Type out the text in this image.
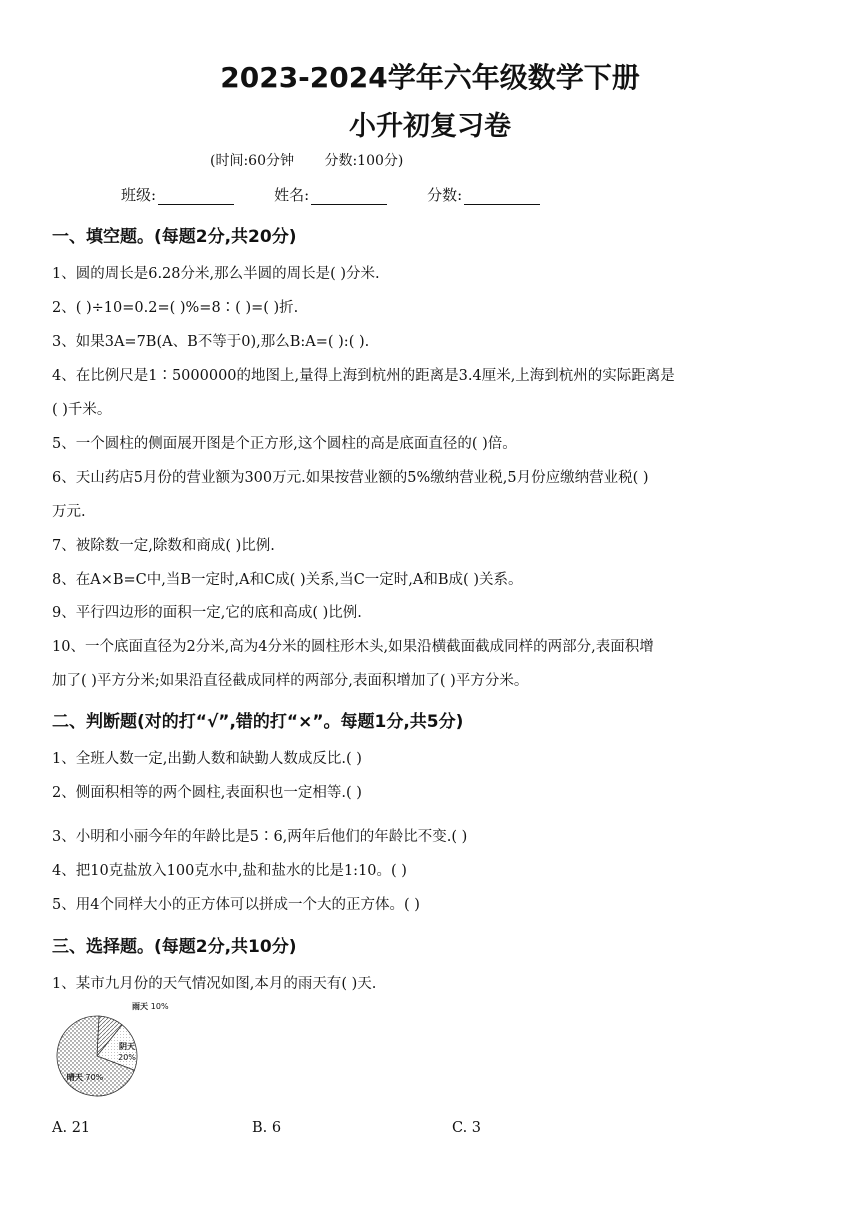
2023-2024学年六年级数学下册
小升初复习卷
(时间:60分钟 分数:100分)
班级:	姓名:	分数:
一、填空题。(每题2分,共20分)
1、圆的周长是6.28分米,那么半圆的周长是( )分米.
2、( )÷10=0.2=( )%=8∶( )=( )折.
3、如果3A=7B(A、B不等于0),那么B:A=( ):( ).
4、在比例尺是1∶5000000的地图上,量得上海到杭州的距离是3.4厘米,上海到杭州的实际距离是
( )千米。
5、一个圆柱的侧面展开图是个正方形,这个圆柱的高是底面直径的( )倍。
6、天山药店5月份的营业额为300万元.如果按营业额的5%缴纳营业税,5月份应缴纳营业税( )
万元.
7、被除数一定,除数和商成( )比例.
8、在A×B=C中,当B一定时,A和C成( )关系,当C一定时,A和B成( )关系。
9、平行四边形的面积一定,它的底和高成( )比例.
10、一个底面直径为2分米,高为4分米的圆柱形木头,如果沿横截面截成同样的两部分,表面积增
加了( )平方分米;如果沿直径截成同样的两部分,表面积增加了( )平方分米。
二、判断题(对的打“√”,错的打“×”。每题1分,共5分)
1、全班人数一定,出勤人数和缺勤人数成反比.( )
2、侧面积相等的两个圆柱,表面积也一定相等.( )
3、小明和小丽今年的年龄比是5∶6,两年后他们的年龄比不变.( )
4、把10克盐放入100克水中,盐和盐水的比是1:10。( )
5、用4个同样大小的正方体可以拼成一个大的正方体。( )
三、选择题。(每题2分,共10分)
1、某市九月份的天气情况如图,本月的雨天有( )天.
雨天 10%
阴天 20%
晴天 70%
A. 21	B. 6	C. 3
